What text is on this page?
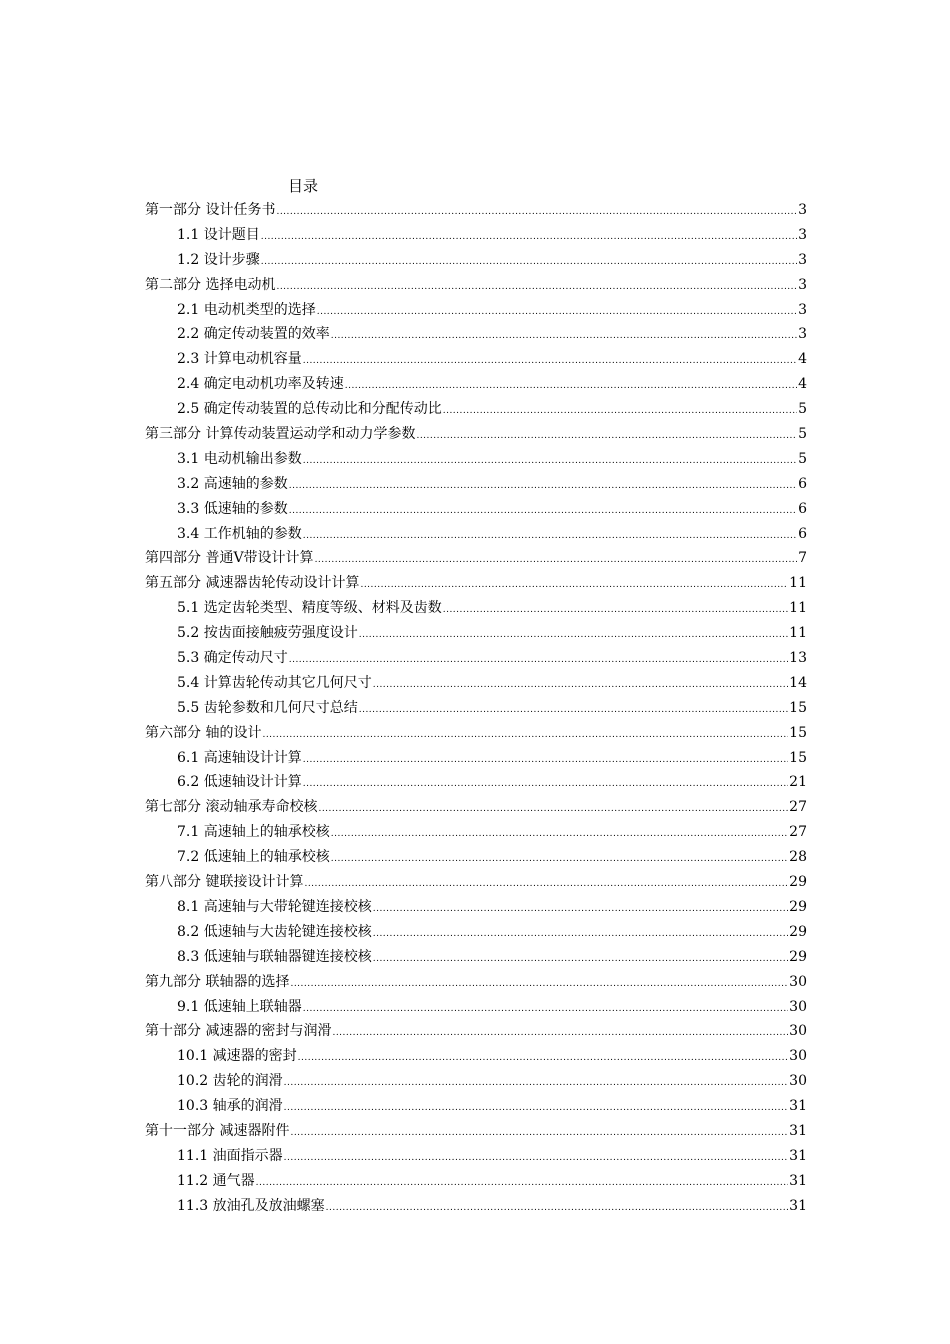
目录
第一部分 设计任务书 .....	3
1.1 设计题目 .....	3
1.2 设计步骤 .....	3
第二部分 选择电动机 .....	3
2.1 电动机类型的选择 .....	3
2.2 确定传动装置的效率 .....	3
2.3 计算电动机容量 .....	4
2.4 确定电动机功率及转速 .....	4
2.5 确定传动装置的总传动比和分配传动比 .....	5
第三部分 计算传动装置运动学和动力学参数 .....	5
3.1 电动机输出参数 .....	5
3.2 高速轴的参数 .....	6
3.3 低速轴的参数 .....	6
3.4 工作机轴的参数 .....	6
第四部分 普通V带设计计算 .....	7
第五部分 减速器齿轮传动设计计算 .....	11
5.1 选定齿轮类型、精度等级、材料及齿数 .....	11
5.2 按齿面接触疲劳强度设计 .....	11
5.3 确定传动尺寸 .....	13
5.4 计算齿轮传动其它几何尺寸 .....	14
5.5 齿轮参数和几何尺寸总结 .....	15
第六部分 轴的设计 .....	15
6.1 高速轴设计计算 .....	15
6.2 低速轴设计计算 .....	21
第七部分 滚动轴承寿命校核 .....	27
7.1 高速轴上的轴承校核 .....	27
7.2 低速轴上的轴承校核 .....	28
第八部分 键联接设计计算 .....	29
8.1 高速轴与大带轮键连接校核 .....	29
8.2 低速轴与大齿轮键连接校核 .....	29
8.3 低速轴与联轴器键连接校核 .....	29
第九部分 联轴器的选择 .....	30
9.1 低速轴上联轴器 .....	30
第十部分 减速器的密封与润滑 .....	30
10.1 减速器的密封 .....	30
10.2 齿轮的润滑 .....	30
10.3 轴承的润滑 .....	31
第十一部分 减速器附件 .....	31
11.1 油面指示器 .....	31
11.2 通气器 .....	31
11.3 放油孔及放油螺塞 .....	31
